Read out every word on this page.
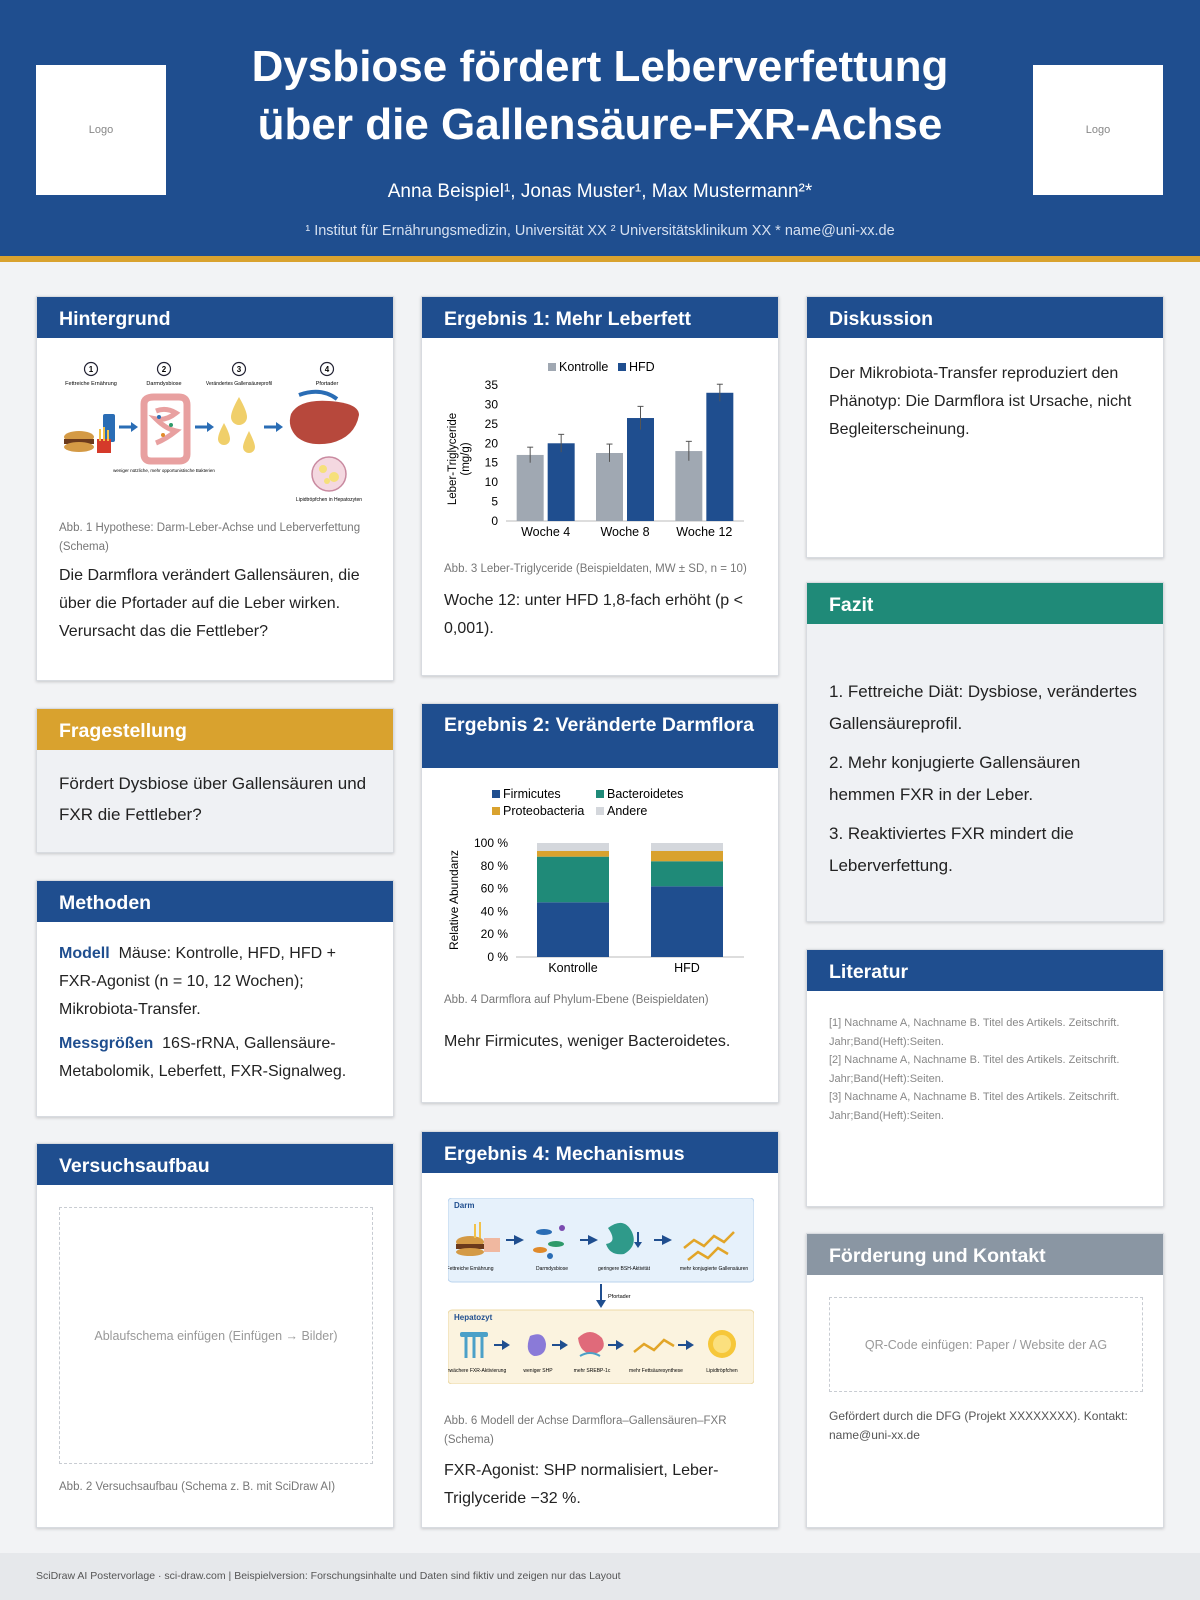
Logo
Dysbiose fördert Leberverfettung
über die Gallensäure-FXR-Achse	Logo
Anna Beispiel¹, Jonas Muster¹, Max Mustermann²*
¹ Institut für Ernährungsmedizin, Universität XX ² Universitätsklinikum XX * name@uni-xx.de
Hintergrund
1	2	3	4
Fettreiche Ernährung	Darmdysbiose	Verändertes Gallensäureprofil	Pfortader
weniger nützliche, mehr opportunistische Bakterien
Lipidtröpfchen in Hepatozyten
Abb. 1 Hypothese: Darm-Leber-Achse und Leberverfettung (Schema)
Die Darmflora verändert Gallensäuren, die über die Pfortader auf die Leber wirken. Verursacht das die Fettleber?
Fragestellung
Fördert Dysbiose über Gallensäuren und FXR die Fettleber?
Methoden
Modell Mäuse: Kontrolle, HFD, HFD + FXR-Agonist (n = 10, 12 Wochen); Mikrobiota-Transfer.
Messgrößen 16S-rRNA, Gallensäure-Metabolomik, Leberfett, FXR-Signalweg.
Versuchsaufbau
Ablaufschema einfügen (Einfügen → Bilder)
Abb. 2 Versuchsaufbau (Schema z. B. mit SciDraw AI)
Ergebnis 1: Mehr Leberfett
Kontrolle HFD
0
5
10
15
20
25
30
35
Leber-Triglyceride(mg/g)
Woche 4 Woche 8 Woche 12
Abb. 3 Leber-Triglyceride (Beispieldaten, MW ± SD, n = 10)
Woche 12: unter HFD 1,8-fach erhöht (p < 0,001).
Ergebnis 2: Veränderte Darmflora
Firmicutes	Bacteroidetes
Proteobacteria Andere
0 %
20 %
40 %
60 %
80 %
100 %
Relative Abundanz
Kontrolle	HFD
Abb. 4 Darmflora auf Phylum-Ebene (Beispieldaten)
Mehr Firmicutes, weniger Bacteroidetes.
Ergebnis 4: Mechanismus
Darm
Fettreiche Ernährung	Darmdysbiose	geringere BSH-Aktivität	mehr konjugierte Gallensäuren
Pfortader
Hepatozyt
schwächere FXR-Aktivierung	weniger SHP	mehr SREBP-1c	mehr Fettsäuresynthese	Lipidtröpfchen
Abb. 6 Modell der Achse Darmflora–Gallensäuren–FXR (Schema)
FXR-Agonist: SHP normalisiert, Leber-Triglyceride −32 %.
Diskussion
Der Mikrobiota-Transfer reproduziert den Phänotyp: Die Darmflora ist Ursache, nicht Begleiterscheinung.
Fazit
1. Fettreiche Diät: Dysbiose, verändertes Gallensäureprofil.
2. Mehr konjugierte Gallensäuren hemmen FXR in der Leber.
3. Reaktiviertes FXR mindert die Leberverfettung.
Literatur
[1] Nachname A, Nachname B. Titel des Artikels. Zeitschrift. Jahr;Band(Heft):Seiten.
[2] Nachname A, Nachname B. Titel des Artikels. Zeitschrift. Jahr;Band(Heft):Seiten.
[3] Nachname A, Nachname B. Titel des Artikels. Zeitschrift. Jahr;Band(Heft):Seiten.
Förderung und Kontakt
QR-Code einfügen: Paper / Website der AG
Gefördert durch die DFG (Projekt XXXXXXXX). Kontakt: name@uni-xx.de
SciDraw AI Postervorlage · sci-draw.com | Beispielversion: Forschungsinhalte und Daten sind fiktiv und zeigen nur das Layout
